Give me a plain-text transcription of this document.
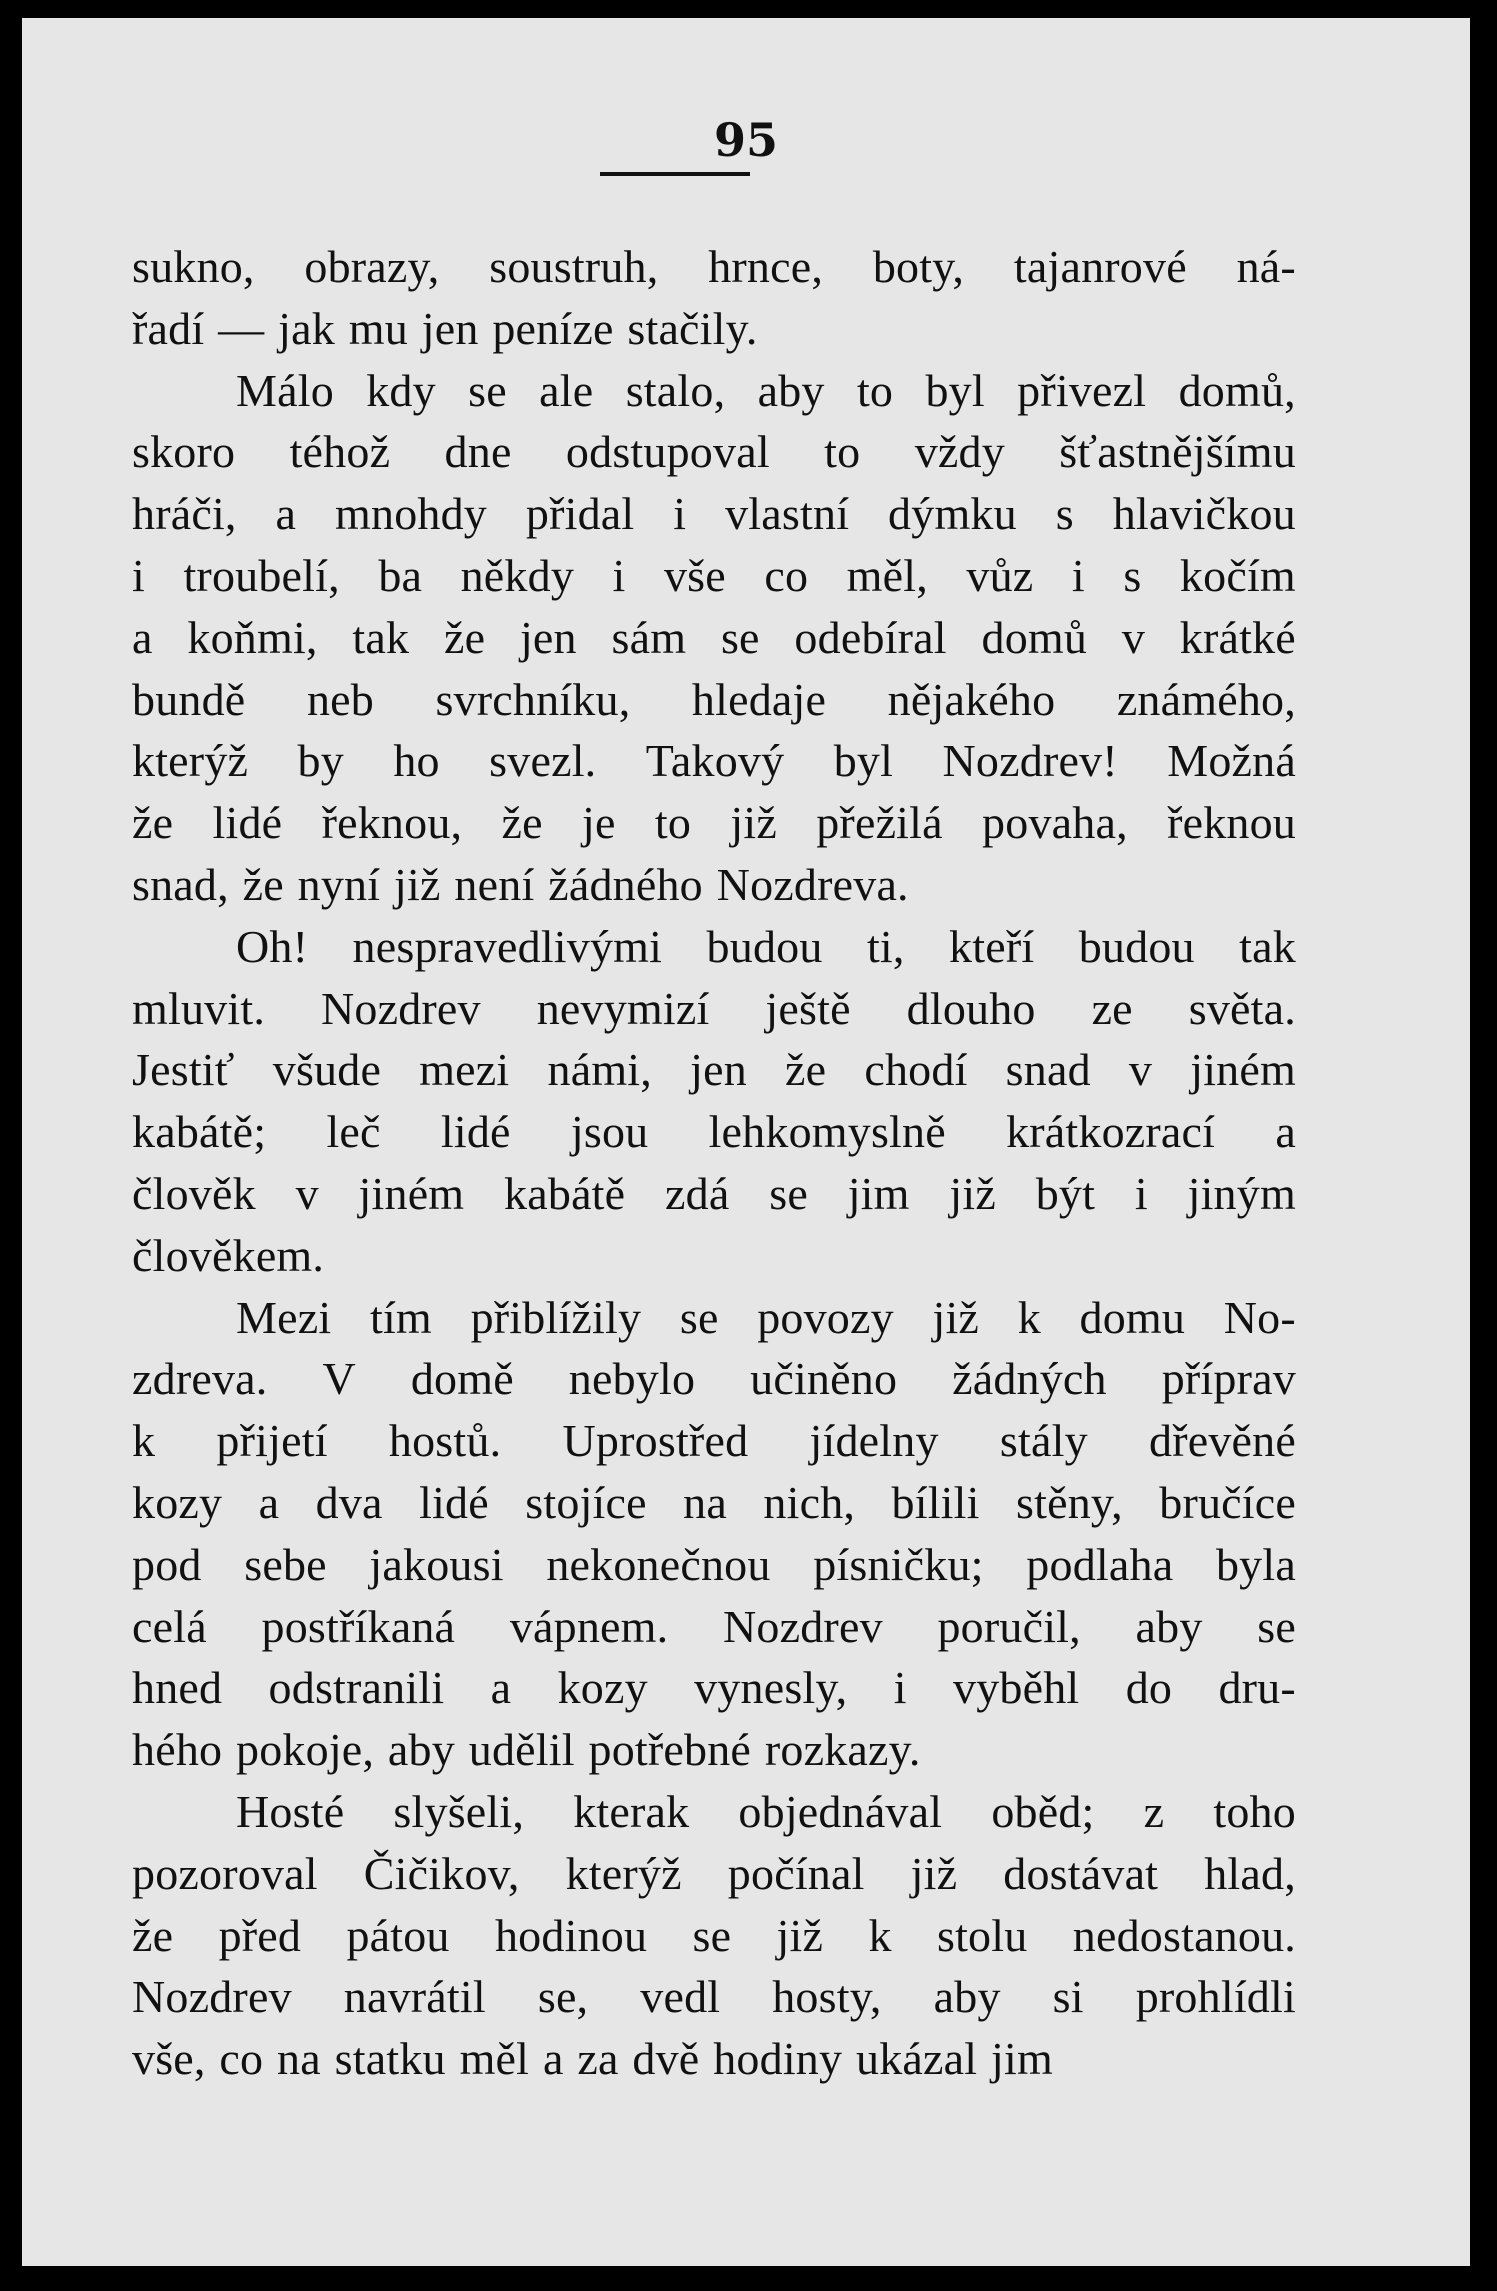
95
sukno, obrazy, soustruh, hrnce, boty, tajanrové ná-
řadí — jak mu jen peníze stačily.
Málo kdy se ale stalo, aby to byl přivezl domů,
skoro téhož dne odstupoval to vždy šťastnějšímu
hráči, a mnohdy přidal i vlastní dýmku s hlavičkou
i troubelí, ba někdy i vše co měl, vůz i s kočím
a koňmi, tak že jen sám se odebíral domů v krátké
bundě neb svrchníku, hledaje nějakého známého,
kterýž by ho svezl. Takový byl Nozdrev! Možná
že lidé řeknou, že je to již přežilá povaha, řeknou
snad, že nyní již není žádného Nozdreva.
Oh! nespravedlivými budou ti, kteří budou tak
mluvit. Nozdrev nevymizí ještě dlouho ze světa.
Jestiť všude mezi námi, jen že chodí snad v jiném
kabátě; leč lidé jsou lehkomyslně krátkozrací a
člověk v jiném kabátě zdá se jim již být i jiným
člověkem.
Mezi tím přiblížily se povozy již k domu No-
zdreva. V domě nebylo učiněno žádných příprav
k přijetí hostů. Uprostřed jídelny stály dřevěné
kozy a dva lidé stojíce na nich, bílili stěny, bručíce
pod sebe jakousi nekonečnou písničku; podlaha byla
celá postříkaná vápnem. Nozdrev poručil, aby se
hned odstranili a kozy vynesly, i vyběhl do dru-
hého pokoje, aby udělil potřebné rozkazy.
Hosté slyšeli, kterak objednával oběd; z toho
pozoroval Čičikov, kterýž počínal již dostávat hlad,
že před pátou hodinou se již k stolu nedostanou.
Nozdrev navrátil se, vedl hosty, aby si prohlídli
vše, co na statku měl a za dvě hodiny ukázal jim
